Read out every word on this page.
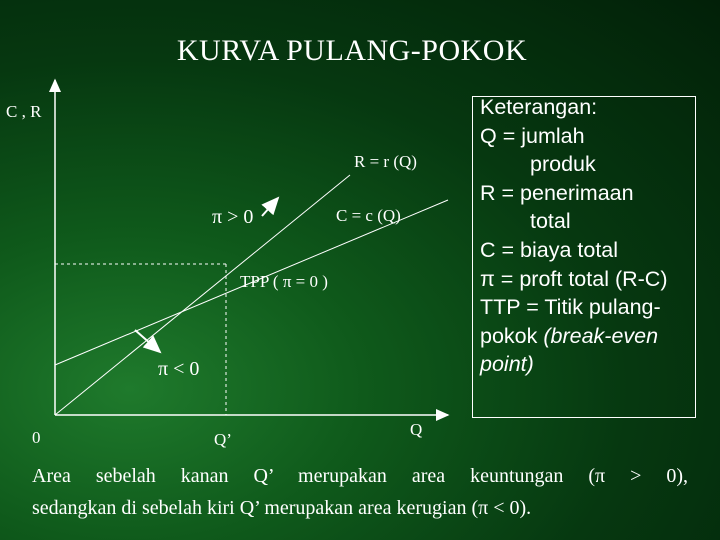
KURVA PULANG-POKOK
C , R
R = r (Q)
C = c (Q)
π > 0
TPP ( π = 0 )
π < 0
0	Q’
Q
Keterangan:
Q = jumlah
produk
R = penerimaan
total
C = biaya total
π = proft total (R-C)
TTP = Titik pulang-
pokok (break-even
point)
Area sebelah kanan Q’ merupakan area keuntungan (π > 0),
sedangkan di sebelah kiri Q’ merupakan area kerugian (π < 0).
